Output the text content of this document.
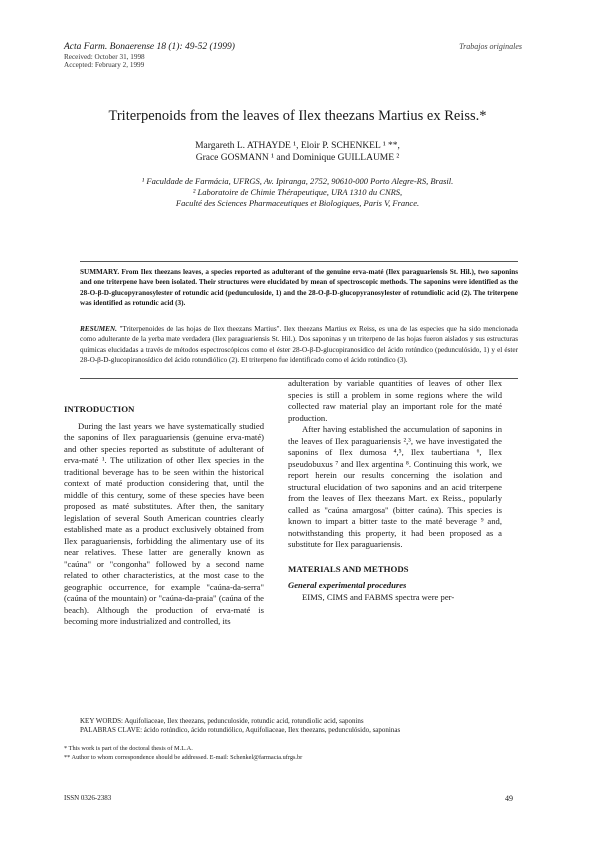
Acta Farm. Bonaerense 18 (1): 49-52 (1999)
Received: October 31, 1998
Accepted: February 2, 1999
Trabajos originales
Triterpenoids from the leaves of Ilex theezans Martius ex Reiss.*
Margareth L. ATHAYDE ¹, Eloir P. SCHENKEL ¹ **,
Grace GOSMANN ¹ and Dominique GUILLAUME ²
¹ Faculdade de Farmácia, UFRGS, Av. Ipiranga, 2752, 90610-000 Porto Alegre-RS, Brasil.
² Laboratoire de Chimie Thérapeutique, URA 1310 du CNRS,
Faculté des Sciences Pharmaceutiques et Biologiques, Paris V, France.
SUMMARY. From Ilex theezans leaves, a species reported as adulterant of the genuine erva-maté (Ilex paraguariensis St. Hil.), two saponins and one triterpene have been isolated. Their structures were elucidated by mean of spectroscopic methods. The saponins were identified as the 28-O-β-D-glucopyranosylester of rotundic acid (pedunculoside, 1) and the 28-O-β-D-glucopyranosylester of rotundiolic acid (2). The triterpene was identified as rotundic acid (3).
RESUMEN. "Triterpenoides de las hojas de Ilex theezans Martius". Ilex theezans Martius ex Reiss, es una de las especies que ha sido mencionada como adulterante de la yerba mate verdadera (Ilex paraguariensis St. Hil.). Dos saponinas y un triterpeno de las hojas fueron aislados y sus estructuras químicas elucidadas a través de métodos espectroscópicos como el éster 28-O-β-D-glucopiranosídico del ácido rotúndico (pedunculósido, 1) y el éster 28-O-β-D-glucopiranosídico del ácido rotundiólico (2). El triterpeno fue identificado como el ácido rotúndico (3).

INTRODUCTION

During the last years we have systematically studied the saponins of Ilex paraguariensis (genuine erva-maté) and other species reported as substitute of adulterant of erva-maté ¹. The utilization of other Ilex species in the traditional beverage has to be seen within the historical context of maté production considering that, until the middle of this century, some of these species have been proposed as maté substitutes. After then, the sanitary legislation of several South American countries clearly established mate as a product exclusively obtained from Ilex paraguariensis, forbidding the alimentary use of its near relatives. These latter are generally known as "caúna" or "congonha" followed by a second name related to other characteristics, at the most case to the geographic occurrence, for example "caúna-da-serra" (caúna of the mountain) or "caúna-da-praia" (caúna of the beach). Although the production of erva-maté is becoming more industrialized and controlled, its

adulteration by variable quantities of leaves of other Ilex species is still a problem in some regions where the wild collected raw material play an important role for the maté production.

After having established the accumulation of saponins in the leaves of Ilex paraguariensis ²,³, we have investigated the saponins of Ilex dumosa ⁴,⁵, Ilex taubertiana ⁶, Ilex pseudobuxus ⁷ and Ilex argentina ⁸. Continuing this work, we report herein our results concerning the isolation and structural elucidation of two saponins and an acid triterpene from the leaves of Ilex theezans Mart. ex Reiss., popularly called as "caúna amargosa" (bitter caúna). This species is known to impart a bitter taste to the maté beverage ⁹ and, notwithstanding this property, it had been proposed as a substitute for Ilex paraguariensis.

MATERIALS AND METHODS

General experimental procedures

EIMS, CIMS and FABMS spectra were per-

KEY WORDS: Aquifoliaceae, Ilex theezans, pedunculoside, rotundic acid, rotundiolic acid, saponins
PALABRAS CLAVE: ácido rotúndico, ácido rotundiólico, Aquifoliaceae, Ilex theezans, pedunculósido, saponinas
* This work is part of the doctoral thesis of M.L.A.
** Author to whom correspondence should be addressed. E-mail: Schenkel@farmacia.ufrgs.br
ISSN 0326-2383	49
